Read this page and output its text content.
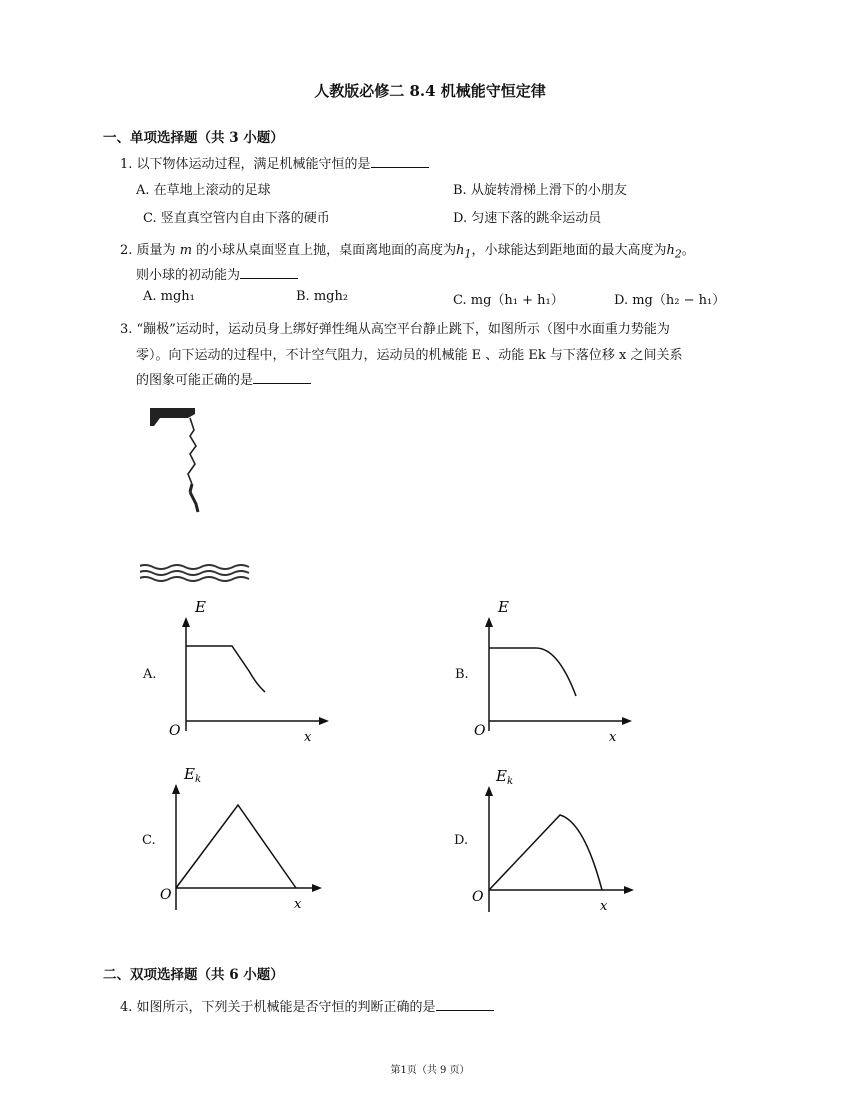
人教版必修二 8.4 机械能守恒定律
一、单项选择题（共 3 小题）
1. 以下物体运动过程，满足机械能守恒的是
A. 在草地上滚动的足球	B. 从旋转滑梯上滑下的小朋友
C. 竖直真空管内自由下落的硬币	D. 匀速下落的跳伞运动员
2. 质量为 m 的小球从桌面竖直上抛，桌面离地面的高度为$h_1$，小球能达到距地面的最大高度为$h_2$。
则小球的初动能为
A. mgh₁	B. mgh₂	C. mg（h₁ + h₁）	D. mg（h₂ − h₁）
3. “蹦极”运动时，运动员身上绑好弹性绳从高空平台静止跳下，如图所示（图中水面重力势能为
零）。向下运动的过程中，不计空气阻力，运动员的机械能 E 、动能 Ek 与下落位移 x 之间关系
的图象可能正确的是
A.
E
O	x
B.
E
O	x
C.
$E_k$
O
x
D.
$E_k$
O
x
二、双项选择题（共 6 小题）
4. 如图所示，下列关于机械能是否守恒的判断正确的是
第1页（共 9 页）
